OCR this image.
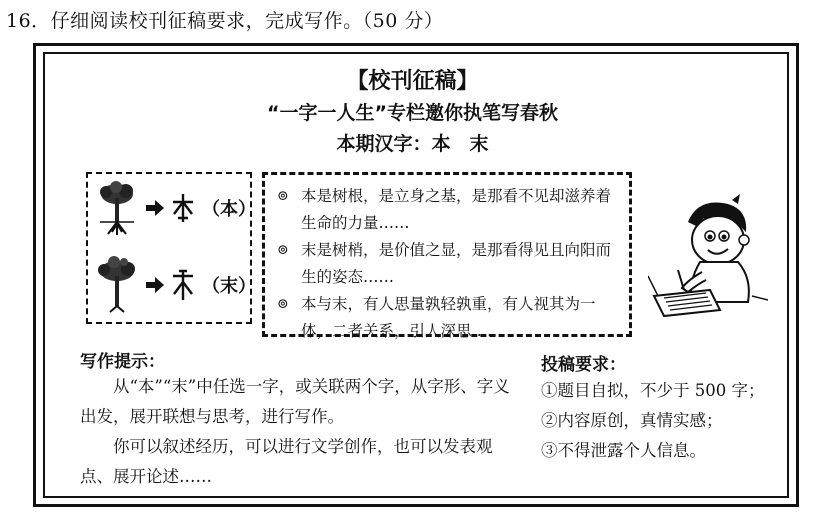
16．仔细阅读校刊征稿要求，完成写作。（50 分）
【校刊征稿】
“一字一人生”专栏邀你执笔写春秋
本期汉字：本　末
（本）
（末）
⊚ 本是树根，是立身之基，是那看不见却滋养着生命的力量……
⊚ 末是树梢，是价值之显，是那看得见且向阳而生的姿态……
⊚ 本与末，有人思量孰轻孰重，有人视其为一体，二者关系，引人深思……
写作提示：
从“本”“末”中任选一字，或关联两个字，从字形、字义出发，展开联想与思考，进行写作。
你可以叙述经历，可以进行文学创作，也可以发表观点、展开论述……
投稿要求：
①题目自拟，不少于 500 字；
②内容原创，真情实感；
③不得泄露个人信息。
